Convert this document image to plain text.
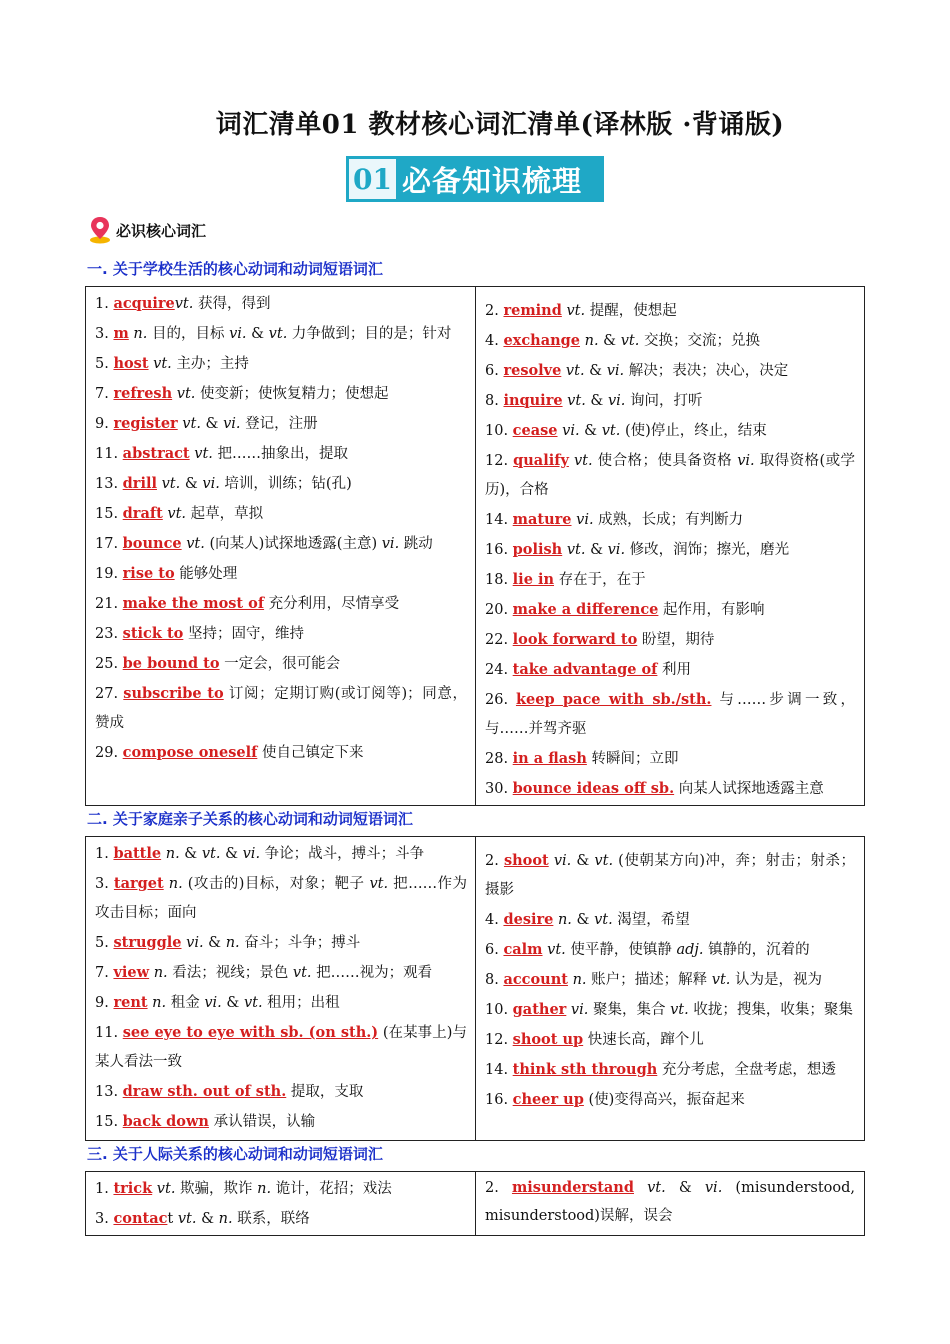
词汇清单01 教材核心词汇清单(译林版 ·背诵版)
01 必备知识梳理
必识核心词汇
一. 关于学校生活的核心动词和动词短语词汇
1. acquirevt. 获得，得到
3. m n. 目的，目标 vi. & vt. 力争做到；目的是；针对
5. host vt. 主办；主持
7. refresh vt. 使变新；使恢复精力；使想起
9. register vt. & vi. 登记，注册
11. abstract vt. 把……抽象出，提取
13. drill vt. & vi. 培训，训练；钻(孔)
15. draft vt. 起草，草拟
17. bounce vt. (向某人)试探地透露(主意) vi. 跳动
19. rise to 能够处理
21. make the most of 充分利用，尽情享受
23. stick to 坚持；固守，维持
25. be bound to 一定会，很可能会
27. subscribe to 订阅；定期订购(或订阅等)；同意，赞成
29. compose oneself 使自己镇定下来
2. remind vt. 提醒，使想起
4. exchange n. & vt. 交换；交流；兑换
6. resolve vt. & vi. 解决；表决；决心，决定
8. inquire vt. & vi. 询问，打听
10. cease vi. & vt. (使)停止，终止，结束
12. qualify vt. 使合格；使具备资格 vi. 取得资格(或学历)，合格
14. mature vi. 成熟，长成；有判断力
16. polish vt. & vi. 修改，润饰；擦光，磨光
18. lie in 存在于，在于
20. make a difference 起作用，有影响
22. look forward to 盼望，期待
24. take advantage of 利用
26. keep pace with sb./sth. 与……步调一致，与……并驾齐驱
28. in a flash 转瞬间；立即
30. bounce ideas off sb. 向某人试探地透露主意
二. 关于家庭亲子关系的核心动词和动词短语词汇
1. battle n. & vt. & vi. 争论；战斗，搏斗；斗争
3. target n. (攻击的)目标，对象；靶子 vt. 把……作为攻击目标；面向
5. struggle vi. & n. 奋斗；斗争；搏斗
7. view n. 看法；视线；景色 vt. 把……视为；观看
9. rent n. 租金 vi. & vt. 租用；出租
11. see eye to eye with sb. (on sth.) (在某事上)与某人看法一致
13. draw sth. out of sth. 提取，支取
15. back down 承认错误，认输
2. shoot vi. & vt. (使朝某方向)冲，奔；射击；射杀；摄影
4. desire n. & vt. 渴望，希望
6. calm vt. 使平静，使镇静 adj. 镇静的，沉着的
8. account n. 账户；描述；解释 vt. 认为是，视为
10. gather vi. 聚集，集合 vt. 收拢；搜集，收集；聚集
12. shoot up 快速长高，蹿个儿
14. think sth through 充分考虑，全盘考虑，想透
16. cheer up (使)变得高兴，振奋起来
三. 关于人际关系的核心动词和动词短语词汇
1. trick vt. 欺骗，欺诈 n. 诡计，花招；戏法
3. contact vt. & n. 联系，联络
2. misunderstand vt. & vi. (misunderstood, misunderstood)误解，误会
